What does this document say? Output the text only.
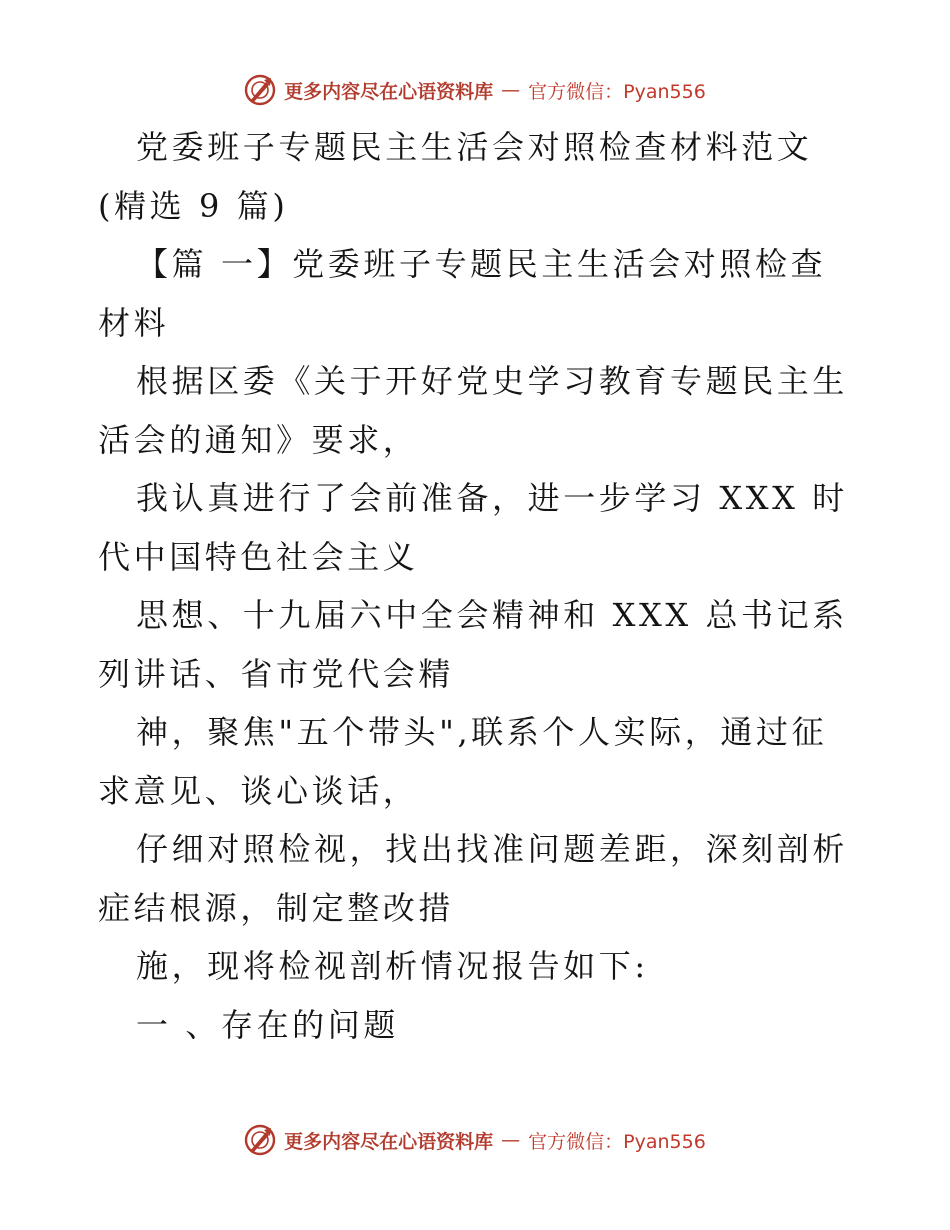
更多内容尽在心语资料库 — 官方微信：Pyan556

党委班子专题民主生活会对照检查材料范文(精选 9 篇)

【篇 一】党委班子专题民主生活会对照检查材料

根据区委《关于开好党史学习教育专题民主生活会的通知》要求，

我认真进行了会前准备，进一步学习 XXX 时代中国特色社会主义

思想、十九届六中全会精神和 XXX 总书记系列讲话、省市党代会精

神，聚焦"五个带头",联系个人实际，通过征求意见、谈心谈话，

仔细对照检视，找出找准问题差距，深刻剖析症结根源，制定整改措

施，现将检视剖析情况报告如下:

一 、存在的问题

更多内容尽在心语资料库 — 官方微信：Pyan556
